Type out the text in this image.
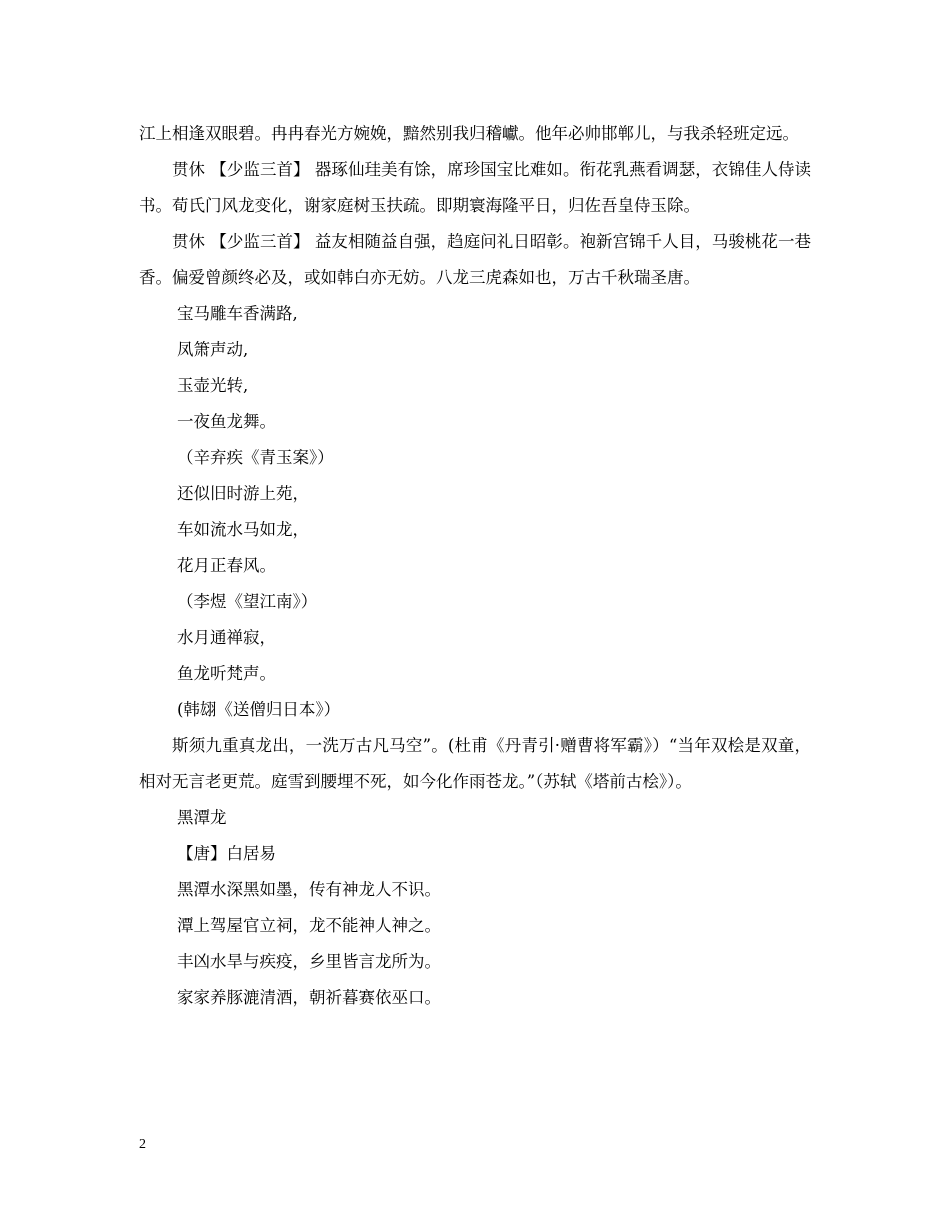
江上相逢双眼碧。冉冉春光方婉娩，黯然别我归稽巘。他年必帅邯郸儿，与我杀轻班定远。

贯休 【少监三首】 器琢仙珪美有馀，席珍国宝比难如。衔花乳燕看调瑟，衣锦佳人侍读书。荀氏门风龙变化，谢家庭树玉扶疏。即期寰海隆平日，归佐吾皇侍玉除。

贯休 【少监三首】 益友相随益自强，趋庭问礼日昭彰。袍新宫锦千人目，马骏桃花一巷香。偏爱曾颜终必及，或如韩白亦无妨。八龙三虎森如也，万古千秋瑞圣唐。

宝马雕车香满路,

凤箫声动,

玉壶光转,

一夜鱼龙舞。

（辛弃疾《青玉案》）

还似旧时游上苑，

车如流水马如龙，

花月正春风。

（李煜《望江南》）

水月通禅寂，

鱼龙听梵声。

(韩翃《送僧归日本》）

斯须九重真龙出，一洗万古凡马空”。(杜甫《丹青引·赠曹将军霸》）“当年双桧是双童，相对无言老更荒。庭雪到腰埋不死，如今化作雨苍龙。”（苏轼《塔前古桧》）。

黑潭龙

【唐】白居易

黑潭水深黑如墨，传有神龙人不识。

潭上驾屋官立祠，龙不能神人神之。

丰凶水旱与疾疫，乡里皆言龙所为。

家家养豚漉清酒，朝祈暮赛依巫口。

2
